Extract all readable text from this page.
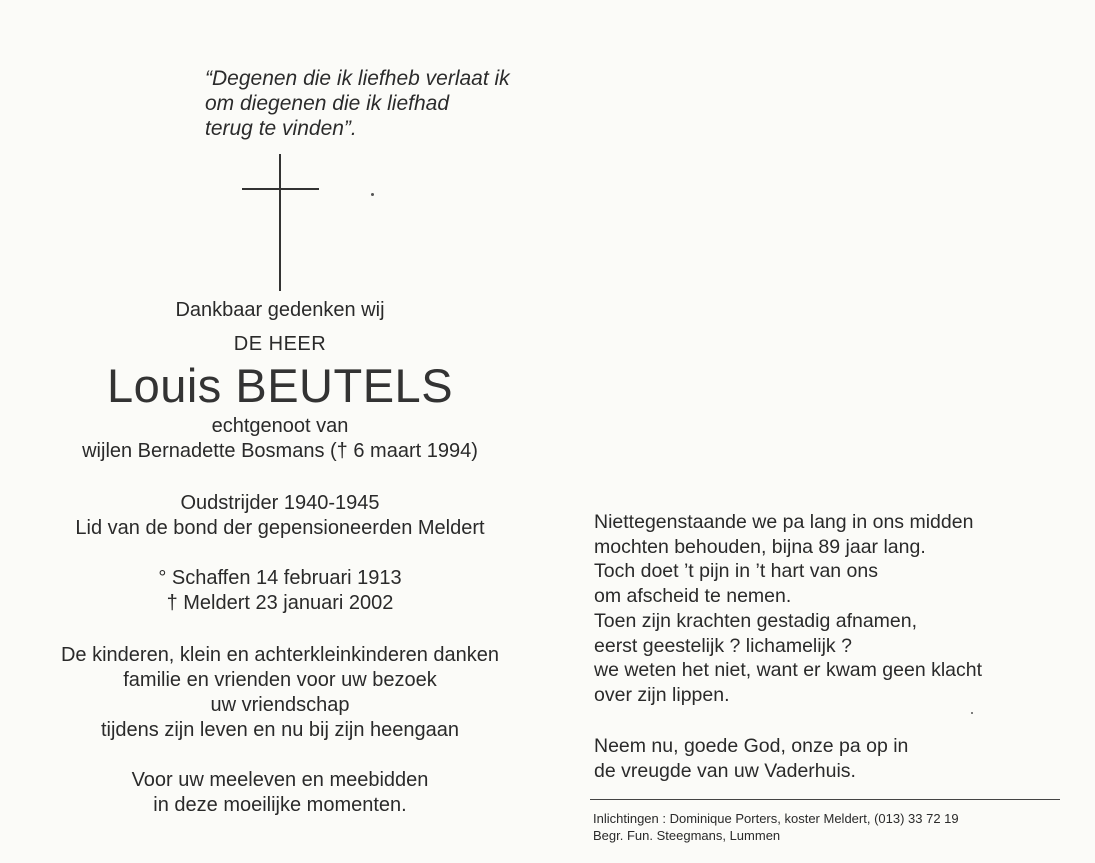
“Degenen die ik liefheb verlaat ik
om diegenen die ik liefhad
terug te vinden”.
Dankbaar gedenken wij
DE HEER
Louis BEUTELS
echtgenoot van
wijlen Bernadette Bosmans († 6 maart 1994)
Oudstrijder 1940-1945
Lid van de bond der gepensioneerden Meldert
° Schaffen 14 februari 1913
† Meldert 23 januari 2002
De kinderen, klein en achterkleinkinderen danken
familie en vrienden voor uw bezoek
uw vriendschap
tijdens zijn leven en nu bij zijn heengaan
Voor uw meeleven en meebidden
in deze moeilijke momenten.
Niettegenstaande we pa lang in ons midden
mochten behouden, bijna 89 jaar lang.
Toch doet ’t pijn in ’t hart van ons
om afscheid te nemen.
Toen zijn krachten gestadig afnamen,
eerst geestelijk ? lichamelijk ?
we weten het niet, want er kwam geen klacht
over zijn lippen.
Neem nu, goede God, onze pa op in
de vreugde van uw Vaderhuis.
Inlichtingen : Dominique Porters, koster Meldert, (013) 33 72 19
Begr. Fun. Steegmans, Lummen
